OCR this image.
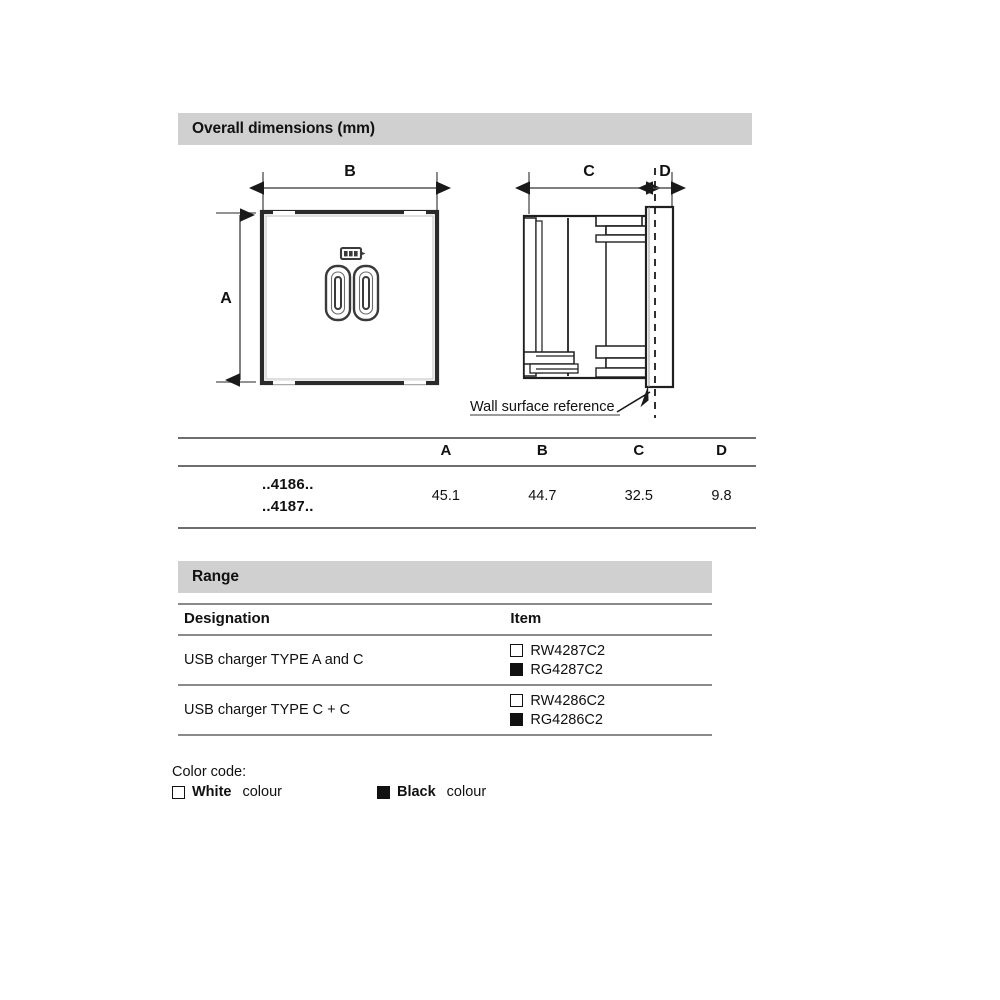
Overall dimensions (mm)
B
A
C	D
Wall surface reference

	A	B	C	D

..4186..
..4187..	45.1	44.7	32.5	9.8
Range
Designation	Item
USB charger TYPE A and C	RW4287C2
RG4287C2

USB charger TYPE C + C	RW4286C2
RG4286C2
Color code:
White colour	Black colour
